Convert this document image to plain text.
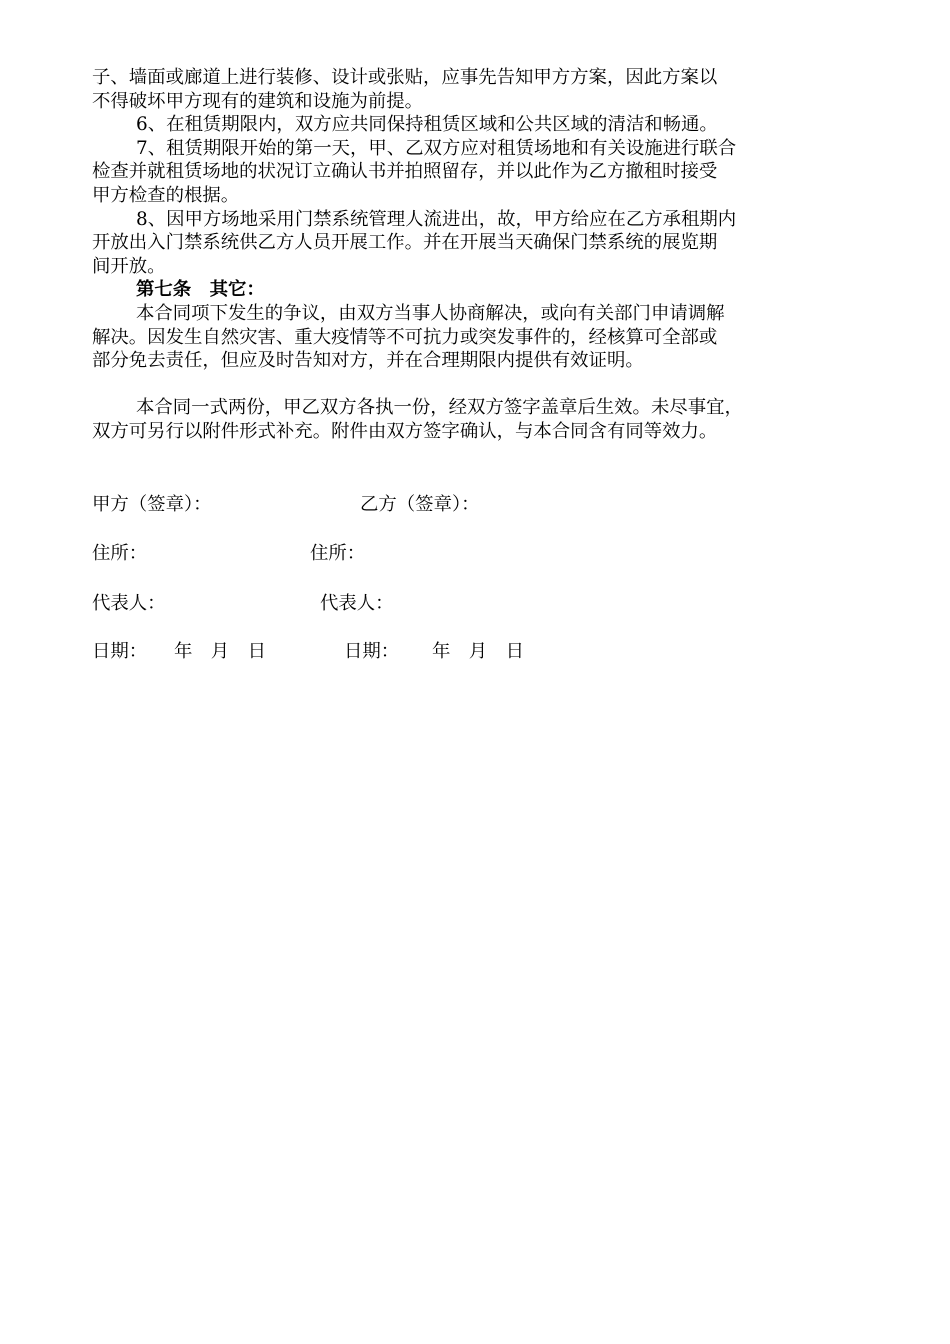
子、墙面或廊道上进行装修、设计或张贴，应事先告知甲方方案，因此方案以
不得破坏甲方现有的建筑和设施为前提。
6、在租赁期限内，双方应共同保持租赁区域和公共区域的清洁和畅通。
7、租赁期限开始的第一天，甲、乙双方应对租赁场地和有关设施进行联合
检查并就租赁场地的状况订立确认书并拍照留存，并以此作为乙方撤租时接受
甲方检查的根据。
8、因甲方场地采用门禁系统管理人流进出，故，甲方给应在乙方承租期内
开放出入门禁系统供乙方人员开展工作。并在开展当天确保门禁系统的展览期
间开放。
第七条　其它：
本合同项下发生的争议，由双方当事人协商解决，或向有关部门申请调解
解决。因发生自然灾害、重大疫情等不可抗力或突发事件的，经核算可全部或
部分免去责任，但应及时告知对方，并在合理期限内提供有效证明。
本合同一式两份，甲乙双方各执一份，经双方签字盖章后生效。未尽事宜，
双方可另行以附件形式补充。附件由双方签字确认，与本合同含有同等效力。
甲方（签章）：	乙方（签章）：
住所：	住所：
代表人：	代表人：
日期： 年　月　日	日期： 年　月　日
